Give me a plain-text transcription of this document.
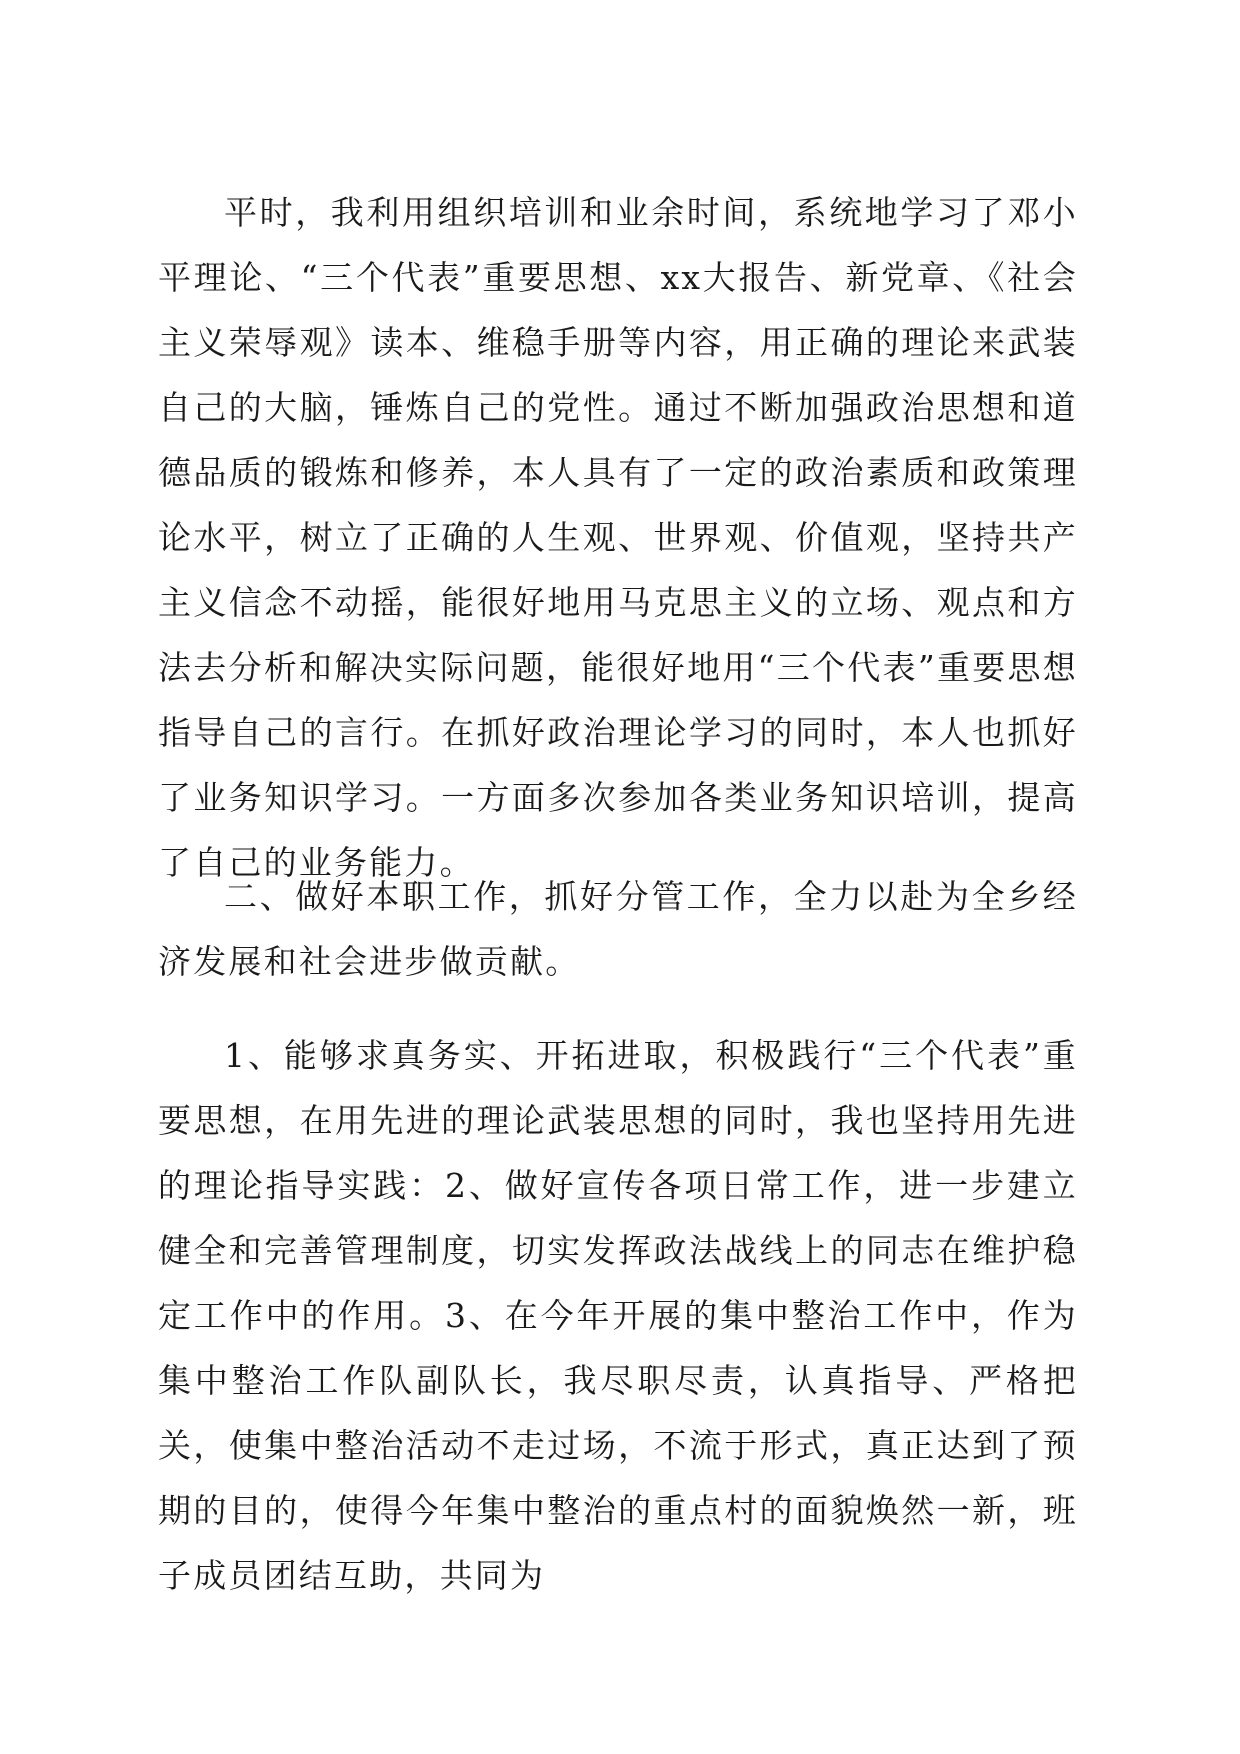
平时，我利用组织培训和业余时间，系统地学习了邓小平理论、“三个代表”重要思想、xx大报告、新党章、《社会主义荣辱观》读本、维稳手册等内容，用正确的理论来武装自己的大脑，锤炼自己的党性。通过不断加强政治思想和道德品质的锻炼和修养，本人具有了一定的政治素质和政策理论水平，树立了正确的人生观、世界观、价值观，坚持共产主义信念不动摇，能很好地用马克思主义的立场、观点和方法去分析和解决实际问题，能很好地用“三个代表”重要思想指导自己的言行。在抓好政治理论学习的同时，本人也抓好了业务知识学习。一方面多次参加各类业务知识培训，提高了自己的业务能力。

二、做好本职工作，抓好分管工作，全力以赴为全乡经济发展和社会进步做贡献。

1、能够求真务实、开拓进取，积极践行“三个代表”重要思想，在用先进的理论武装思想的同时，我也坚持用先进的理论指导实践：2、做好宣传各项日常工作，进一步建立健全和完善管理制度，切实发挥政法战线上的同志在维护稳定工作中的作用。3、在今年开展的集中整治工作中，作为集中整治工作队副队长，我尽职尽责，认真指导、严格把关，使集中整治活动不走过场，不流于形式，真正达到了预期的目的，使得今年集中整治的重点村的面貌焕然一新，班子成员团结互助，共同为
